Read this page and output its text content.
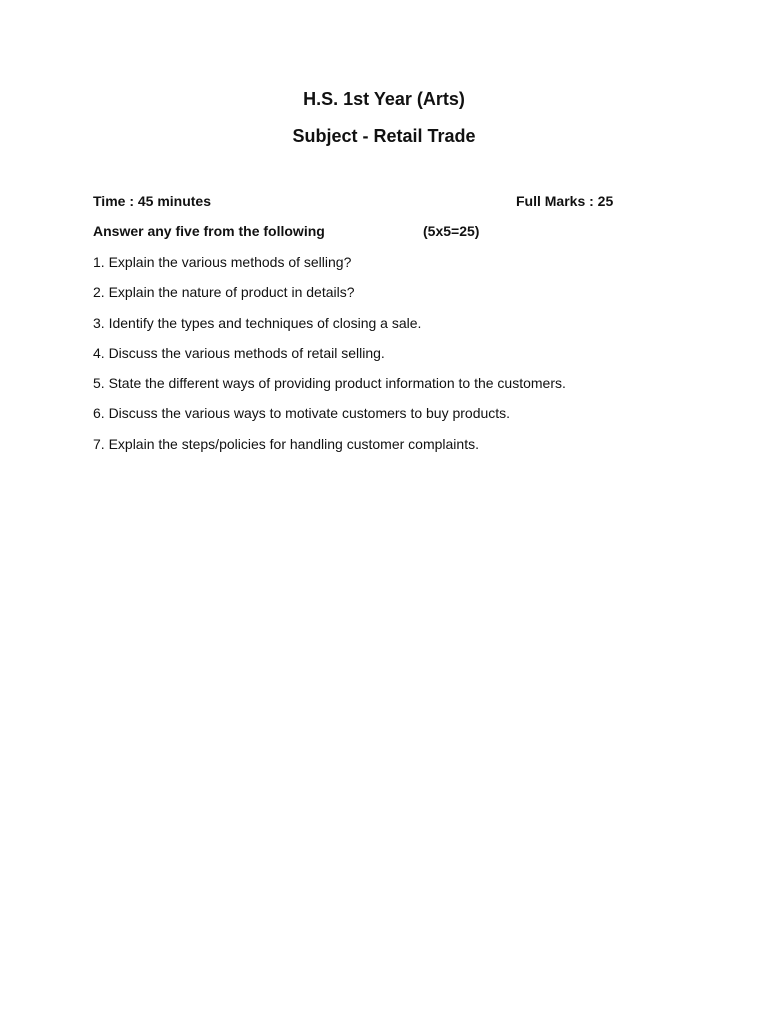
H.S. 1st Year (Arts)
Subject - Retail Trade
Time : 45 minutes	Full Marks : 25
Answer any five from the following	(5x5=25)
1. Explain the various methods of selling?
2. Explain the nature of product in details?
3. Identify the types and techniques of closing a sale.
4. Discuss the various methods of retail selling.
5. State the different ways of providing product information to the customers.
6. Discuss the various ways to motivate customers to buy products.
7. Explain the steps/policies for handling customer complaints.
